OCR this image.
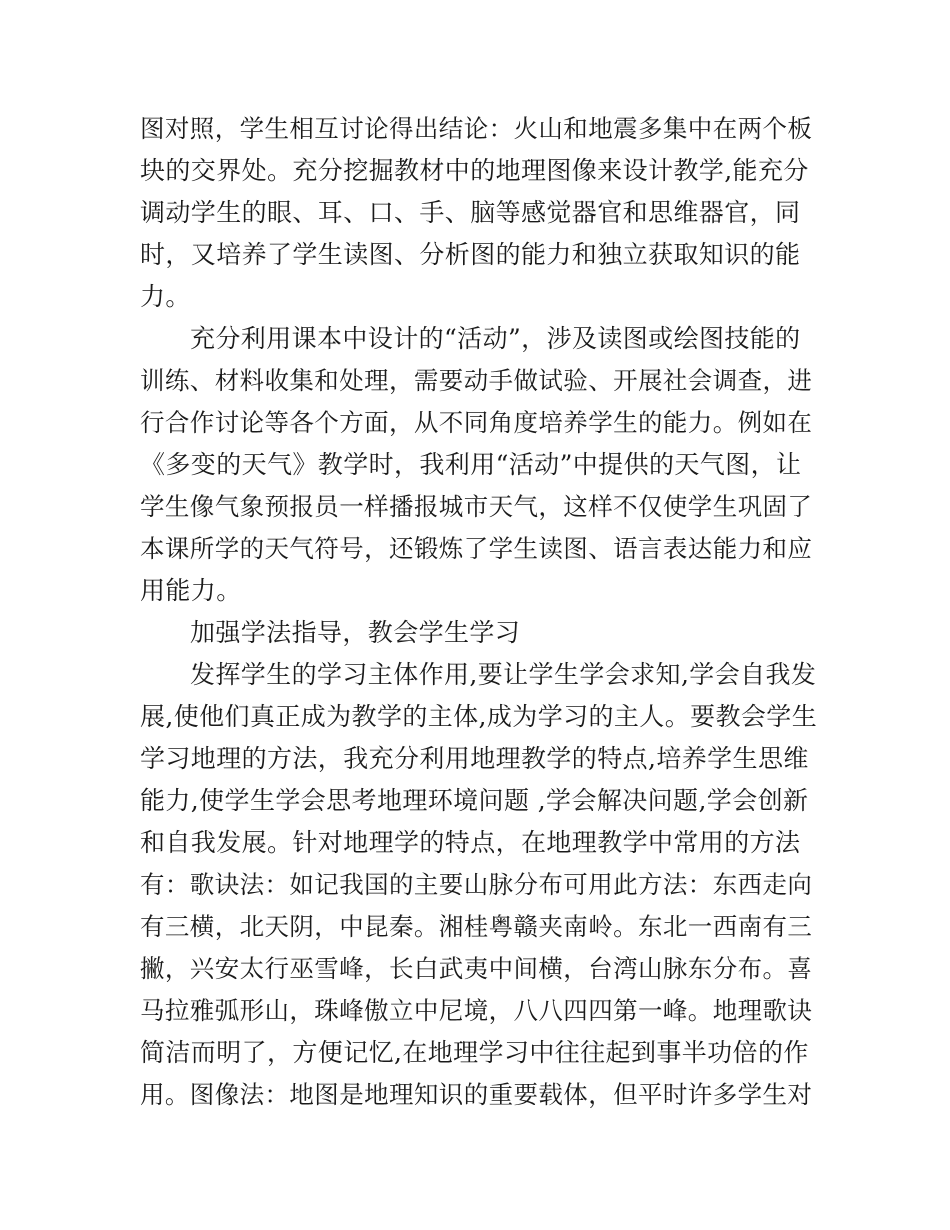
图对照，学生相互讨论得出结论：火山和地震多集中在两个板
块的交界处。充分挖掘教材中的地理图像来设计教学,能充分
调动学生的眼、耳、口、手、脑等感觉器官和思维器官，同
时，又培养了学生读图、分析图的能力和独立获取知识的能
力。
充分利用课本中设计的“活动”，涉及读图或绘图技能的
训练、材料收集和处理，需要动手做试验、开展社会调查，进
行合作讨论等各个方面，从不同角度培养学生的能力。例如在
《多变的天气》教学时，我利用“活动”中提供的天气图，让
学生像气象预报员一样播报城市天气，这样不仅使学生巩固了
本课所学的天气符号，还锻炼了学生读图、语言表达能力和应
用能力。
加强学法指导，教会学生学习
发挥学生的学习主体作用,要让学生学会求知,学会自我发
展,使他们真正成为教学的主体,成为学习的主人。要教会学生
学习地理的方法，我充分利用地理教学的特点,培养学生思维
能力,使学生学会思考地理环境问题 ,学会解决问题,学会创新
和自我发展。针对地理学的特点，在地理教学中常用的方法
有：歌诀法：如记我国的主要山脉分布可用此方法：东西走向
有三横，北天阴，中昆秦。湘桂粤赣夹南岭。东北一西南有三
撇，兴安太行巫雪峰，长白武夷中间横，台湾山脉东分布。喜
马拉雅弧形山，珠峰傲立中尼境，八八四四第一峰。地理歌诀
简洁而明了，方便记忆,在地理学习中往往起到事半功倍的作
用。图像法：地图是地理知识的重要载体，但平时许多学生对
